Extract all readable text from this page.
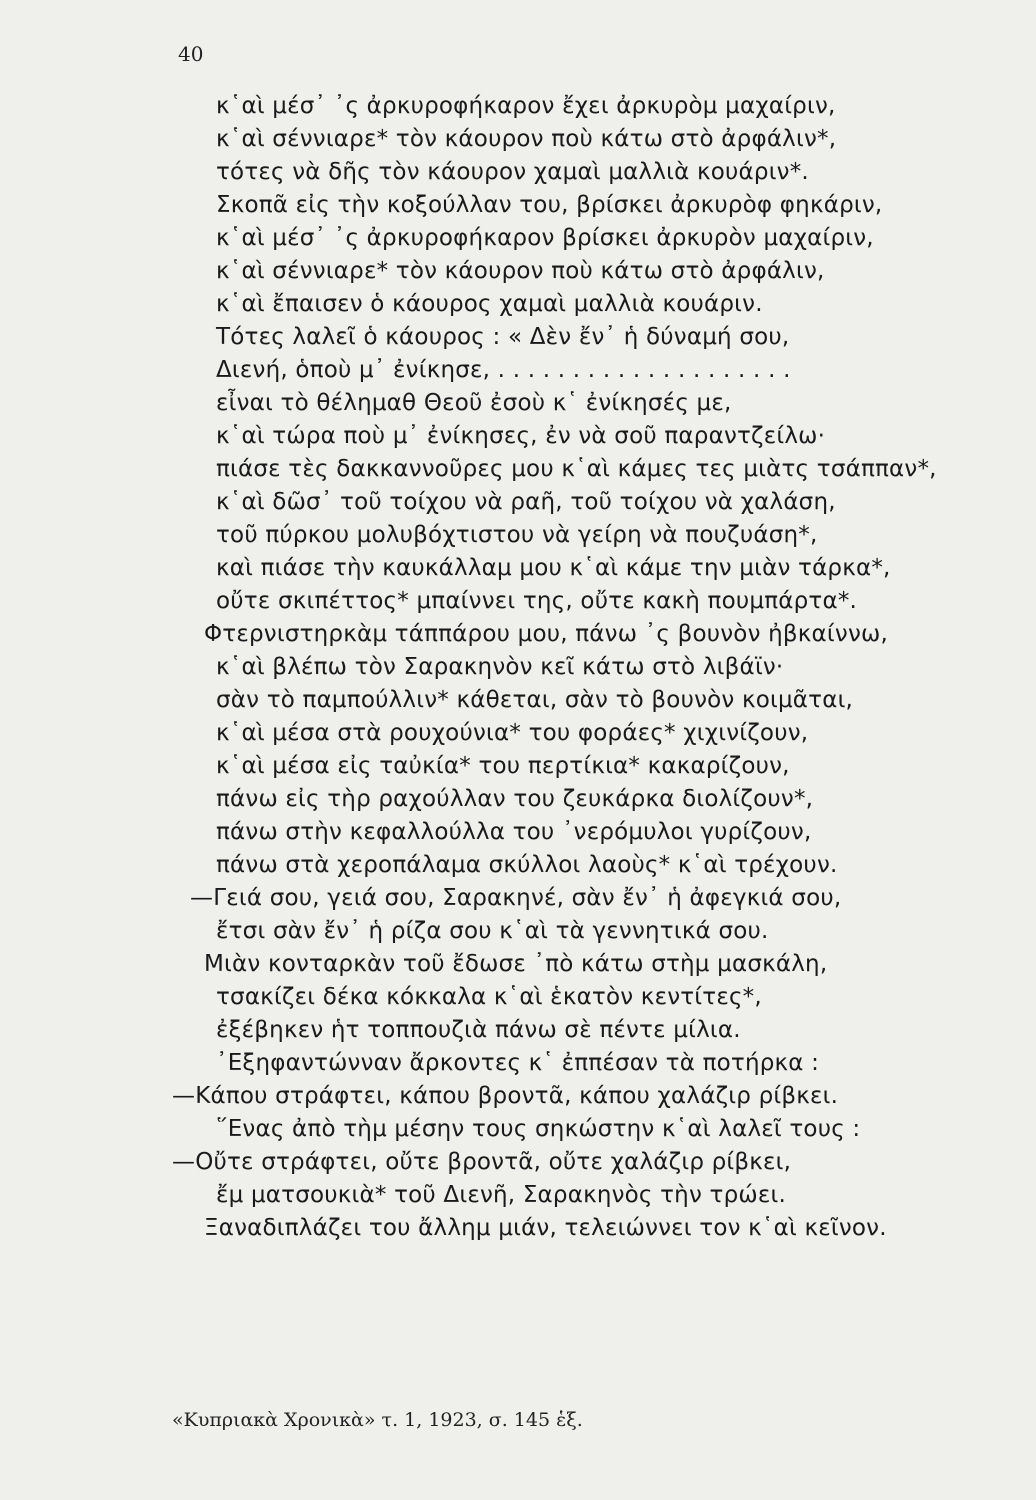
40
κ῾αὶ μέσ᾿ ᾿ς ἀρκυροφήκαρον ἔχει ἀρκυρὸμ μαχαίριν,
κ῾αὶ σέννιαρε* τὸν κάουρον ποὺ κάτω στὸ ἀρφάλιν*,
τότες νὰ δῆς τὸν κάουρον χαμαὶ μαλλιὰ κουάριν*.
Σκοπᾶ εἰς τὴν κοξούλλαν του, βρίσκει ἀρκυρὸφ φηκάριν,
κ῾αὶ μέσ᾿ ᾿ς ἀρκυροφήκαρον βρίσκει ἀρκυρὸν μαχαίριν,
κ῾αὶ σέννιαρε* τὸν κάουρον ποὺ κάτω στὸ ἀρφάλιν,
κ῾αὶ ἔπαισεν ὁ κάουρος χαμαὶ μαλλιὰ κουάριν.
Τότες λαλεῖ ὁ κάουρος : « Δὲν ἔν᾿ ἡ δύναμή σου,
Διενή, ὁποὺ μ᾿ ἐνίκησε, . . . . . . . . . . . . . . . . . . . .
εἶναι τὸ θέλημαθ Θεοῦ ἐσοὺ κ῾ ἐνίκησές με,
κ῾αὶ τώρα ποὺ μ᾿ ἐνίκησες, ἐν νὰ σοῦ παραντζείλω·
πιάσε τὲς δακκαννοῦρες μου κ῾αὶ κάμες τες μιὰτς τσάππαν*,
κ῾αὶ δῶσ᾿ τοῦ τοίχου νὰ ραῆ, τοῦ τοίχου νὰ χαλάση,
τοῦ πύρκου μολυβόχτιστου νὰ γείρη νὰ πουζυάση*,
καὶ πιάσε τὴν καυκάλλαμ μου κ῾αὶ κάμε την μιὰν τάρκα*,
οὔτε σκιπέττος* μπαίννει της, οὔτε κακὴ πουμπάρτα*.
Φτερνιστηρκὰμ τάππάρου μου, πάνω ᾿ς βουνὸν ἠβκαίννω,
κ῾αὶ βλέπω τὸν Σαρακηνὸν κεῖ κάτω στὸ λιβάϊν·
σὰν τὸ παμπούλλιν* κάθεται, σὰν τὸ βουνὸν κοιμᾶται,
κ῾αὶ μέσα στὰ ρουχούνια* του φοράες* χιχινίζουν,
κ῾αὶ μέσα εἰς ταὐκία* του περτίκια* κακαρίζουν,
πάνω εἰς τὴρ ραχούλλαν του ζευκάρκα διολίζουν*,
πάνω στὴν κεφαλλούλλα του ᾿νερόμυλοι γυρίζουν,
πάνω στὰ χεροπάλαμα σκύλλοι λαοὺς* κ῾αὶ τρέχουν.
—Γειά σου, γειά σου, Σαρακηνέ, σὰν ἔν᾿ ἡ ἀφεγκιά σου,
ἔτσι σὰν ἔν᾿ ἡ ρίζα σου κ῾αὶ τὰ γεννητικά σου.
Μιὰν κονταρκὰν τοῦ ἔδωσε ᾿πὸ κάτω στὴμ μασκάλη,
τσακίζει δέκα κόκκαλα κ῾αὶ ἑκατὸν κεντίτες*,
ἐξέβηκεν ἡτ τοππουζιὰ πάνω σὲ πέντε μίλια.
᾿Εξηφαντώνναν ἄρκοντες κ῾ ἐππέσαν τὰ ποτήρκα :
—Κάπου στράφτει, κάπου βροντᾶ, κάπου χαλάζιρ ρίβκει.
῞Ενας ἀπὸ τὴμ μέσην τους σηκώστην κ῾αὶ λαλεῖ τους :
—Οὔτε στράφτει, οὔτε βροντᾶ, οὔτε χαλάζιρ ρίβκει,
ἔμ ματσουκιὰ* τοῦ Διενῆ, Σαρακηνὸς τὴν τρώει.
Ξαναδιπλάζει του ἄλλημ μιάν, τελειώννει τον κ῾αὶ κεῖνον.
«Κυπριακὰ Χρονικὰ» τ. 1, 1923, σ. 145 ἑξ.
